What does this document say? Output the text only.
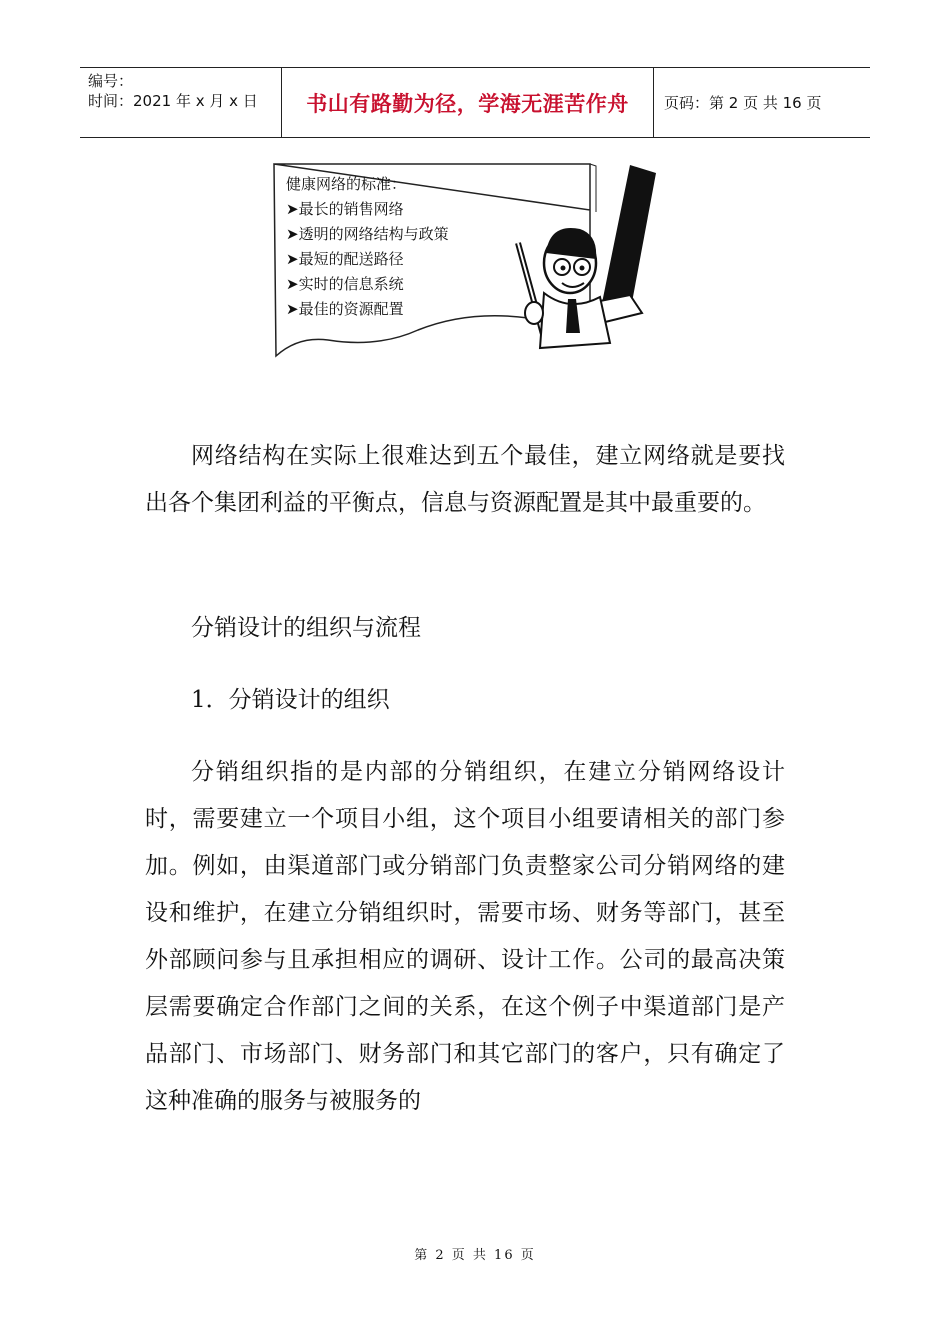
编号：
时间：2021 年 x 月 x 日	书山有路勤为径，学海无涯苦作舟	页码：第 2 页 共 16 页
健康网络的标准：
➤最长的销售网络
➤透明的网络结构与政策
➤最短的配送路径
➤实时的信息系统
➤最佳的资源配置
网络结构在实际上很难达到五个最佳，建立网络就是要找出各个集团利益的平衡点，信息与资源配置是其中最重要的。
分销设计的组织与流程
1．分销设计的组织
分销组织指的是内部的分销组织，在建立分销网络设计时，需要建立一个项目小组，这个项目小组要请相关的部门参加。例如，由渠道部门或分销部门负责整家公司分销网络的建设和维护，在建立分销组织时，需要市场、财务等部门，甚至外部顾问参与且承担相应的调研、设计工作。公司的最高决策层需要确定合作部门之间的关系，在这个例子中渠道部门是产品部门、市场部门、财务部门和其它部门的客户，只有确定了这种准确的服务与被服务的
第 2 页 共 16 页
